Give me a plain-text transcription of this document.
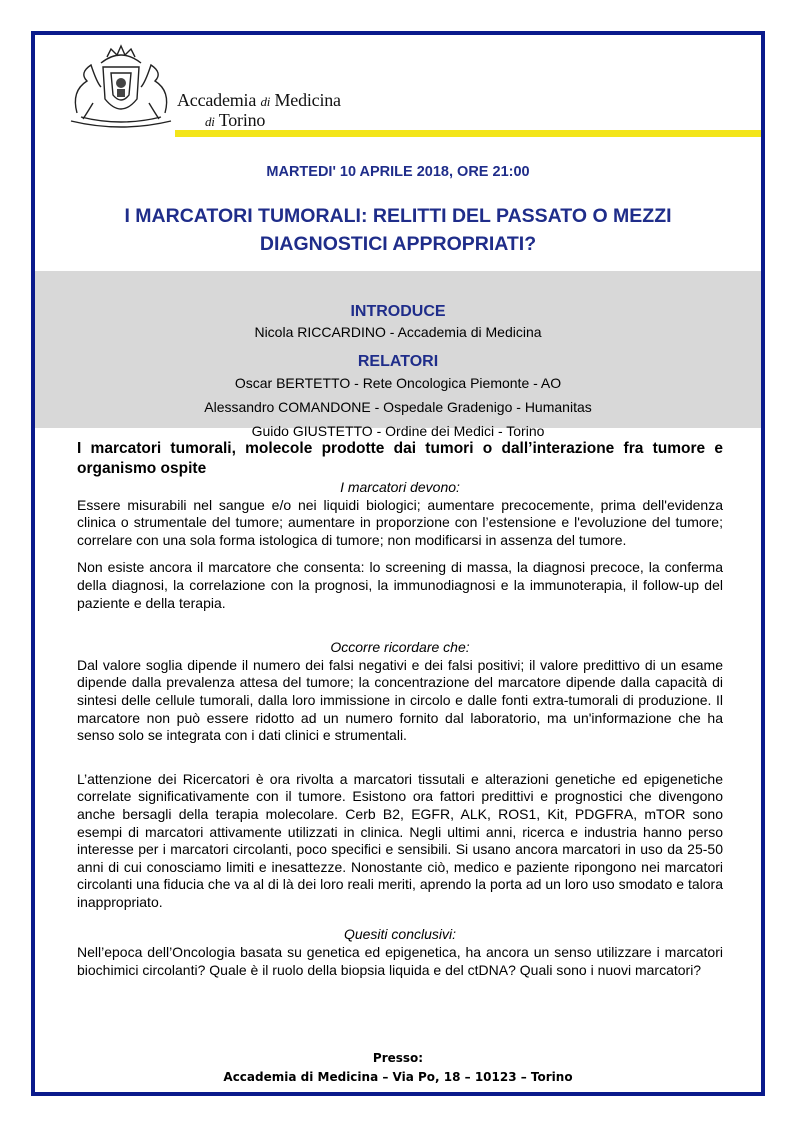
Accademia di Medicina
di Torino
MARTEDI' 10 APRILE 2018, ORE 21:00
I MARCATORI TUMORALI: RELITTI DEL PASSATO O MEZZI
DIAGNOSTICI APPROPRIATI?
INTRODUCE
Nicola RICCARDINO - Accademia di Medicina
RELATORI
Oscar BERTETTO - Rete Oncologica Piemonte - AO
Alessandro COMANDONE - Ospedale Gradenigo - Humanitas
Guido GIUSTETTO - Ordine dei Medici - Torino

I marcatori tumorali, molecole prodotte dai tumori o dall’interazione fra tumore e organismo ospite

I marcatori devono:

Essere misurabili nel sangue e/o nei liquidi biologici; aumentare precocemente, prima dell'evidenza clinica o strumentale del tumore; aumentare in proporzione con l’estensione e l'evoluzione del tumore; correlare con una sola forma istologica di tumore; non modificarsi in assenza del tumore.

Non esiste ancora il marcatore che consenta: lo screening di massa, la diagnosi precoce, la conferma della diagnosi, la correlazione con la prognosi, la immunodiagnosi e la immunoterapia, il follow-up del paziente e della terapia.

Occorre ricordare che:

Dal valore soglia dipende il numero dei falsi negativi e dei falsi positivi; il valore predittivo di un esame dipende dalla prevalenza attesa del tumore; la concentrazione del marcatore dipende dalla capacità di sintesi delle cellule tumorali, dalla loro immissione in circolo e dalle fonti extra-tumorali di produzione. Il marcatore non può essere ridotto ad un numero fornito dal laboratorio, ma un'informazione che ha senso solo se integrata con i dati clinici e strumentali.

L’attenzione dei Ricercatori è ora rivolta a marcatori tissutali e alterazioni genetiche ed epigenetiche correlate significativamente con il tumore. Esistono ora fattori predittivi e prognostici che divengono anche bersagli della terapia molecolare. Cerb B2, EGFR, ALK, ROS1, Kit, PDGFRA, mTOR sono esempi di marcatori attivamente utilizzati in clinica. Negli ultimi anni, ricerca e industria hanno perso interesse per i marcatori circolanti, poco specifici e sensibili. Si usano ancora marcatori in uso da 25-50 anni di cui conosciamo limiti e inesattezze. Nonostante ciò, medico e paziente ripongono nei marcatori circolanti una fiducia che va al di là dei loro reali meriti, aprendo la porta ad un loro uso smodato e talora inappropriato.

Quesiti conclusivi:

Nell’epoca dell’Oncologia basata su genetica ed epigenetica, ha ancora un senso utilizzare i marcatori biochimici circolanti? Quale è il ruolo della biopsia liquida e del ctDNA? Quali sono i nuovi marcatori?

Presso:
Accademia di Medicina – Via Po, 18 – 10123 – Torino
